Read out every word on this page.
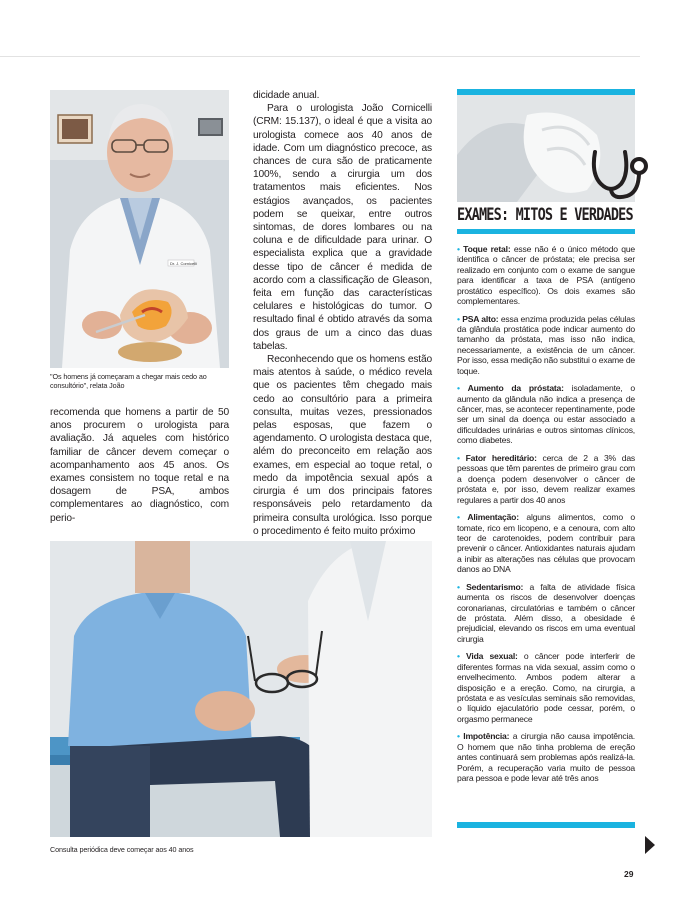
Dr. J. Cornicelli
"Os homens já começaram a chegar mais cedo ao consultório", relata João

recomenda que homens a partir de 50 anos procurem o urologista para avaliação. Já aqueles com histórico familiar de câncer devem começar o acompanhamento aos 45 anos. Os exames consistem no toque retal e na dosagem de PSA, ambos complementares ao diagnóstico, com perio-

dicidade anual.

Para o urologista João Cornicelli (CRM: 15.137), o ideal é que a visita ao urologista comece aos 40 anos de idade. Com um diagnóstico precoce, as chances de cura são de praticamente 100%, sendo a cirurgia um dos tratamentos mais eficientes. Nos estágios avançados, os pacientes podem se queixar, entre outros sintomas, de dores lombares ou na coluna e de dificuldade para urinar. O especialista explica que a gravidade desse tipo de câncer é medida de acordo com a classificação de Gleason, feita em função das características celulares e histológicas do tumor. O resultado final é obtido através da soma dos graus de um a cinco das duas tabelas.

Reconhecendo que os homens estão mais atentos à saúde, o médico revela que os pacientes têm chegado mais cedo ao consultório para a primeira consulta, muitas vezes, pressionados pelas esposas, que fazem o agendamento. O urologista destaca que, além do preconceito em relação aos exames, em especial ao toque retal, o medo da impotência sexual após a cirurgia é um dos principais fatores responsáveis pelo retardamento da primeira consulta urológica. Isso porque o procedimento é feito muito próximo

Consulta periódica deve começar aos 40 anos
EXAMES: MITOS E VERDADES
• Toque retal: esse não é o único método que identifica o câncer de próstata; ele precisa ser realizado em conjunto com o exame de sangue para identificar a taxa de PSA (antígeno prostático específico). Os dois exames são complementares.
• PSA alto: essa enzima produzida pelas células da glândula prostática pode indicar aumento do tamanho da próstata, mas isso não indica, necessariamente, a existência de um câncer. Por isso, essa medição não substitui o exame de toque.
• Aumento da próstata: isoladamente, o aumento da glândula não indica a presença de câncer, mas, se acontecer repentinamente, pode ser um sinal da doença ou estar associado a dificuldades urinárias e outros sintomas clínicos, como diabetes.
• Fator hereditário: cerca de 2 a 3% das pessoas que têm parentes de primeiro grau com a doença podem desenvolver o câncer de próstata e, por isso, devem realizar exames regulares a partir dos 40 anos
• Alimentação: alguns alimentos, como o tomate, rico em licopeno, e a cenoura, com alto teor de carotenoides, podem contribuir para prevenir o câncer. Antioxidantes naturais ajudam a inibir as alterações nas células que provocam danos ao DNA
• Sedentarismo: a falta de atividade física aumenta os riscos de desenvolver doenças coronarianas, circulatórias e também o câncer de próstata. Além disso, a obesidade é prejudicial, elevando os riscos em uma eventual cirurgia
• Vida sexual: o câncer pode interferir de diferentes formas na vida sexual, assim como o envelhecimento. Ambos podem alterar a disposição e a ereção. Como, na cirurgia, a próstata e as vesículas seminais são removidas, o líquido ejaculatório pode cessar, porém, o orgasmo permanece
• Impotência: a cirurgia não causa impotência. O homem que não tinha problema de ereção antes continuará sem problemas após realizá-la. Porém, a recuperação varia muito de pessoa para pessoa e pode levar até três anos
29
